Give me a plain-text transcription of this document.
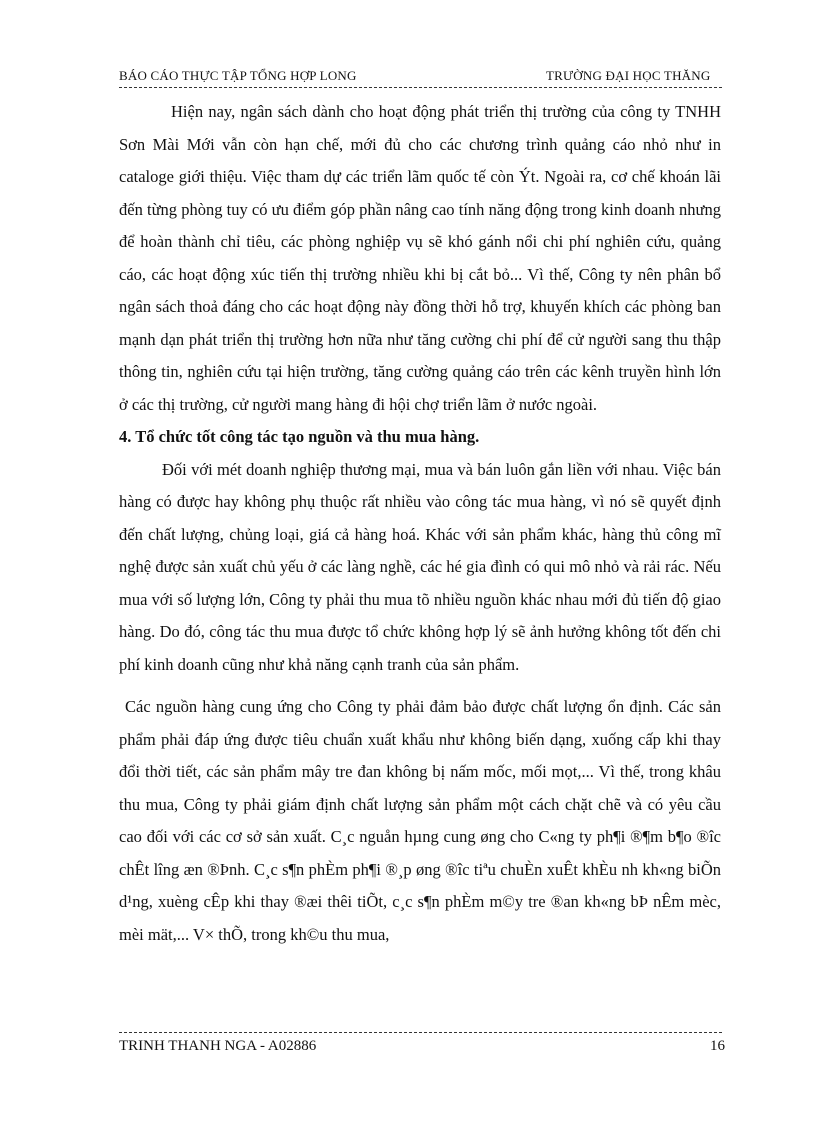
BÁO CÁO THỰC TẬP TỔNG HỢP LONG	TRƯỜNG ĐẠI HỌC THĂNG

Hiện nay, ngân sách dành cho hoạt động phát triển thị trường của công ty TNHH Sơn Mài Mới vẫn còn hạn chế, mới đủ cho các chương trình quảng cáo nhỏ như in cataloge giới thiệu. Việc tham dự các triển lãm quốc tế còn Ýt. Ngoài ra, cơ chế khoán lãi đến từng phòng tuy có ưu điểm góp phần nâng cao tính năng động trong kinh doanh nhưng để hoàn thành chỉ tiêu, các phòng nghiệp vụ sẽ khó gánh nổi chi phí nghiên cứu, quảng cáo, các hoạt động xúc tiến thị trường nhiều khi bị cắt bỏ... Vì thế, Công ty nên phân bổ ngân sách thoả đáng cho các hoạt động này đồng thời hỗ trợ, khuyến khích các phòng ban mạnh dạn phát triển thị trường hơn nữa như tăng cường chi phí để cử người sang thu thập thông tin, nghiên cứu tại hiện trường, tăng cường quảng cáo trên các kênh truyền hình lớn ở các thị trường, cử người mang hàng đi hội chợ triển lãm ở nước ngoài.

4. Tổ chức tốt công tác tạo nguồn và thu mua hàng.

Đối với mét doanh nghiệp thương mại, mua và bán luôn gắn liền với nhau. Việc bán hàng có được hay không phụ thuộc rất nhiều vào công tác mua hàng, vì nó sẽ quyết định đến chất lượng, chủng loại, giá cả hàng hoá. Khác với sản phẩm khác, hàng thủ công mĩ nghệ được sản xuất chủ yếu ở các làng nghề, các hé gia đình có qui mô nhỏ và rải rác. Nếu mua với số lượng lớn, Công ty phải thu mua tõ nhiều nguồn khác nhau mới đủ tiến độ giao hàng. Do đó, công tác thu mua được tổ chức không hợp lý sẽ ảnh hưởng không tốt đến chi phí kinh doanh cũng như khả năng cạnh tranh của sản phẩm.

Các nguồn hàng cung ứng cho Công ty phải đảm bảo được chất lượng ổn định. Các sản phẩm phải đáp ứng được tiêu chuẩn xuất khẩu như không biến dạng, xuống cấp khi thay đổi thời tiết, các sản phẩm mây tre đan không bị nấm mốc, mối mọt,... Vì thế, trong khâu thu mua, Công ty phải giám định chất lượng sản phẩm một cách chặt chẽ và có yêu cầu cao đối với các cơ sở sản xuất. C¸c nguån hµng cung øng cho C«ng ty ph¶i ®¶m b¶o ®îc chÊt lîng æn ®Þnh. C¸c s¶n phÈm ph¶i ®¸p øng ®îc tiªu chuÈn xuÊt khÈu nh kh«ng biÕn d¹ng, xuèng cÊp khi thay ®æi thêi tiÕt, c¸c s¶n phÈm m©y tre ®an kh«ng bÞ nÊm mèc, mèi mät,... V× thÕ, trong kh©u thu mua,

TRINH THANH NGA - A02886	16
